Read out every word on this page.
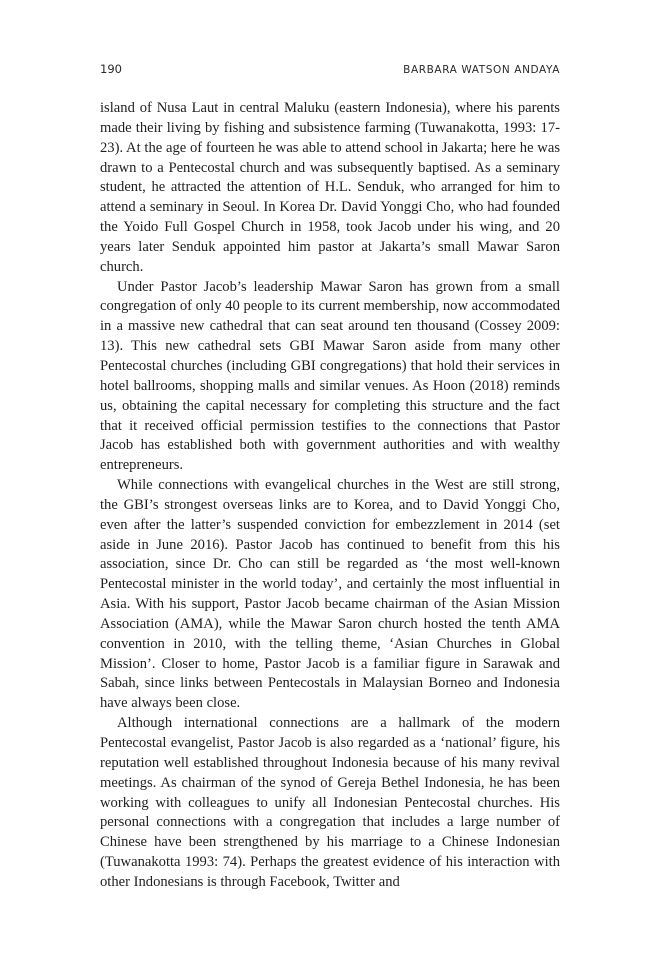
190	BARBARA WATSON ANDAYA

island of Nusa Laut in central Maluku (eastern Indonesia), where his parents made their living by fishing and subsistence farming (Tuwanakotta, 1993: 17-23). At the age of fourteen he was able to attend school in Jakarta; here he was drawn to a Pentecostal church and was subsequently baptised. As a seminary student, he attracted the attention of H.L. Senduk, who arranged for him to attend a seminary in Seoul. In Korea Dr. David Yonggi Cho, who had founded the Yoido Full Gospel Church in 1958, took Jacob under his wing, and 20 years later Senduk appointed him pastor at Jakarta’s small Mawar Saron church.

Under Pastor Jacob’s leadership Mawar Saron has grown from a small congregation of only 40 people to its current membership, now accommodated in a massive new cathedral that can seat around ten thousand (Cossey 2009: 13). This new cathedral sets GBI Mawar Saron aside from many other Pentecostal churches (including GBI congregations) that hold their services in hotel ballrooms, shopping malls and similar venues. As Hoon (2018) reminds us, obtaining the capital necessary for completing this structure and the fact that it received official permission testifies to the connections that Pastor Jacob has established both with government authorities and with wealthy entrepreneurs.

While connections with evangelical churches in the West are still strong, the GBI’s strongest overseas links are to Korea, and to David Yonggi Cho, even after the latter’s suspended conviction for embezzlement in 2014 (set aside in June 2016). Pastor Jacob has continued to benefit from this his association, since Dr. Cho can still be regarded as ‘the most well-known Pentecostal minister in the world today’, and certainly the most influential in Asia. With his support, Pastor Jacob became chairman of the Asian Mission Association (AMA), while the Mawar Saron church hosted the tenth AMA convention in 2010, with the telling theme, ‘Asian Churches in Global Mission’. Closer to home, Pastor Jacob is a familiar figure in Sarawak and Sabah, since links between Pentecostals in Malaysian Borneo and Indonesia have always been close.

Although international connections are a hallmark of the modern Pentecostal evangelist, Pastor Jacob is also regarded as a ‘national’ figure, his reputation well established throughout Indonesia because of his many revival meetings. As chairman of the synod of Gereja Bethel Indonesia, he has been working with colleagues to unify all Indonesian Pentecostal churches. His personal connections with a congregation that includes a large number of Chinese have been strengthened by his marriage to a Chinese Indonesian (Tuwanakotta 1993: 74). Perhaps the greatest evidence of his interaction with other Indonesians is through Facebook, Twitter and
